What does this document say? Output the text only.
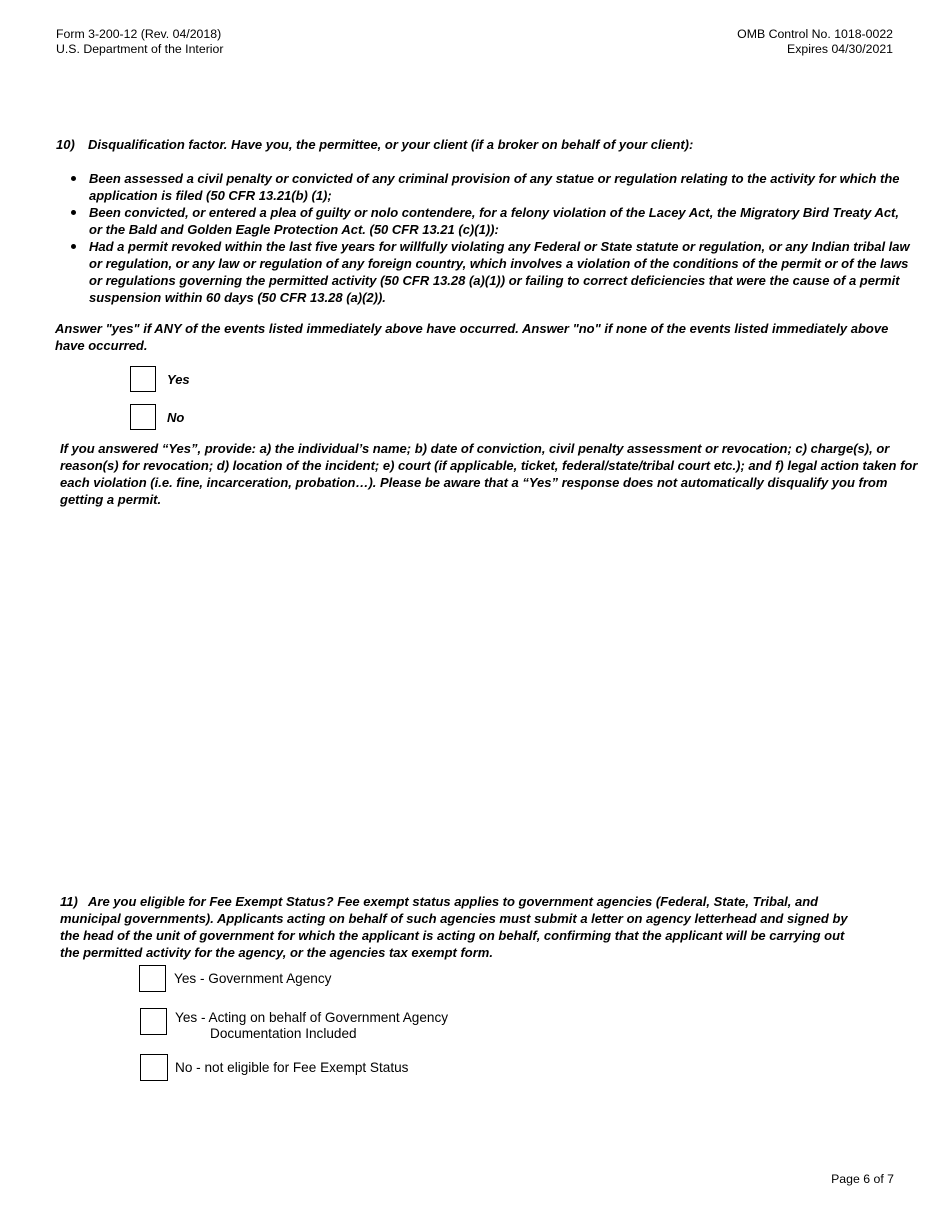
Form 3-200-12 (Rev. 04/2018)
U.S. Department of the Interior
OMB Control No. 1018-0022
Expires 04/30/2021
10) Disqualification factor. Have you, the permittee, or your client (if a broker on behalf of your client):
Been assessed a civil penalty or convicted of any criminal provision of any statue or regulation relating to the activity for which the application is filed (50 CFR 13.21(b) (1);
Been convicted, or entered a plea of guilty or nolo contendere, for a felony violation of the Lacey Act, the Migratory Bird Treaty Act, or the Bald and Golden Eagle Protection Act. (50 CFR 13.21 (c)(1)):
Had a permit revoked within the last five years for willfully violating any Federal or State statute or regulation, or any Indian tribal law or regulation, or any law or regulation of any foreign country, which involves a violation of the conditions of the permit or of the laws or regulations governing the permitted activity (50 CFR 13.28 (a)(1)) or failing to correct deficiencies that were the cause of a permit suspension within 60 days (50 CFR 13.28 (a)(2)).
Answer "yes" if ANY of the events listed immediately above have occurred. Answer "no" if none of the events listed immediately above have occurred.
Yes
No
If you answered “Yes”, provide: a) the individual’s name; b) date of conviction, civil penalty assessment or revocation; c) charge(s), or reason(s) for revocation; d) location of the incident; e) court (if applicable, ticket, federal/state/tribal court etc.); and f) legal action taken for each violation (i.e. fine, incarceration, probation…). Please be aware that a “Yes” response does not automatically disqualify you from getting a permit.
11) Are you eligible for Fee Exempt Status? Fee exempt status applies to government agencies (Federal, State, Tribal, and municipal governments). Applicants acting on behalf of such agencies must submit a letter on agency letterhead and signed by the head of the unit of government for which the applicant is acting on behalf, confirming that the applicant will be carrying out the permitted activity for the agency, or the agencies tax exempt form.
Yes - Government Agency
Yes - Acting on behalf of Government Agency
Documentation Included
No - not eligible for Fee Exempt Status
Page 6 of 7
